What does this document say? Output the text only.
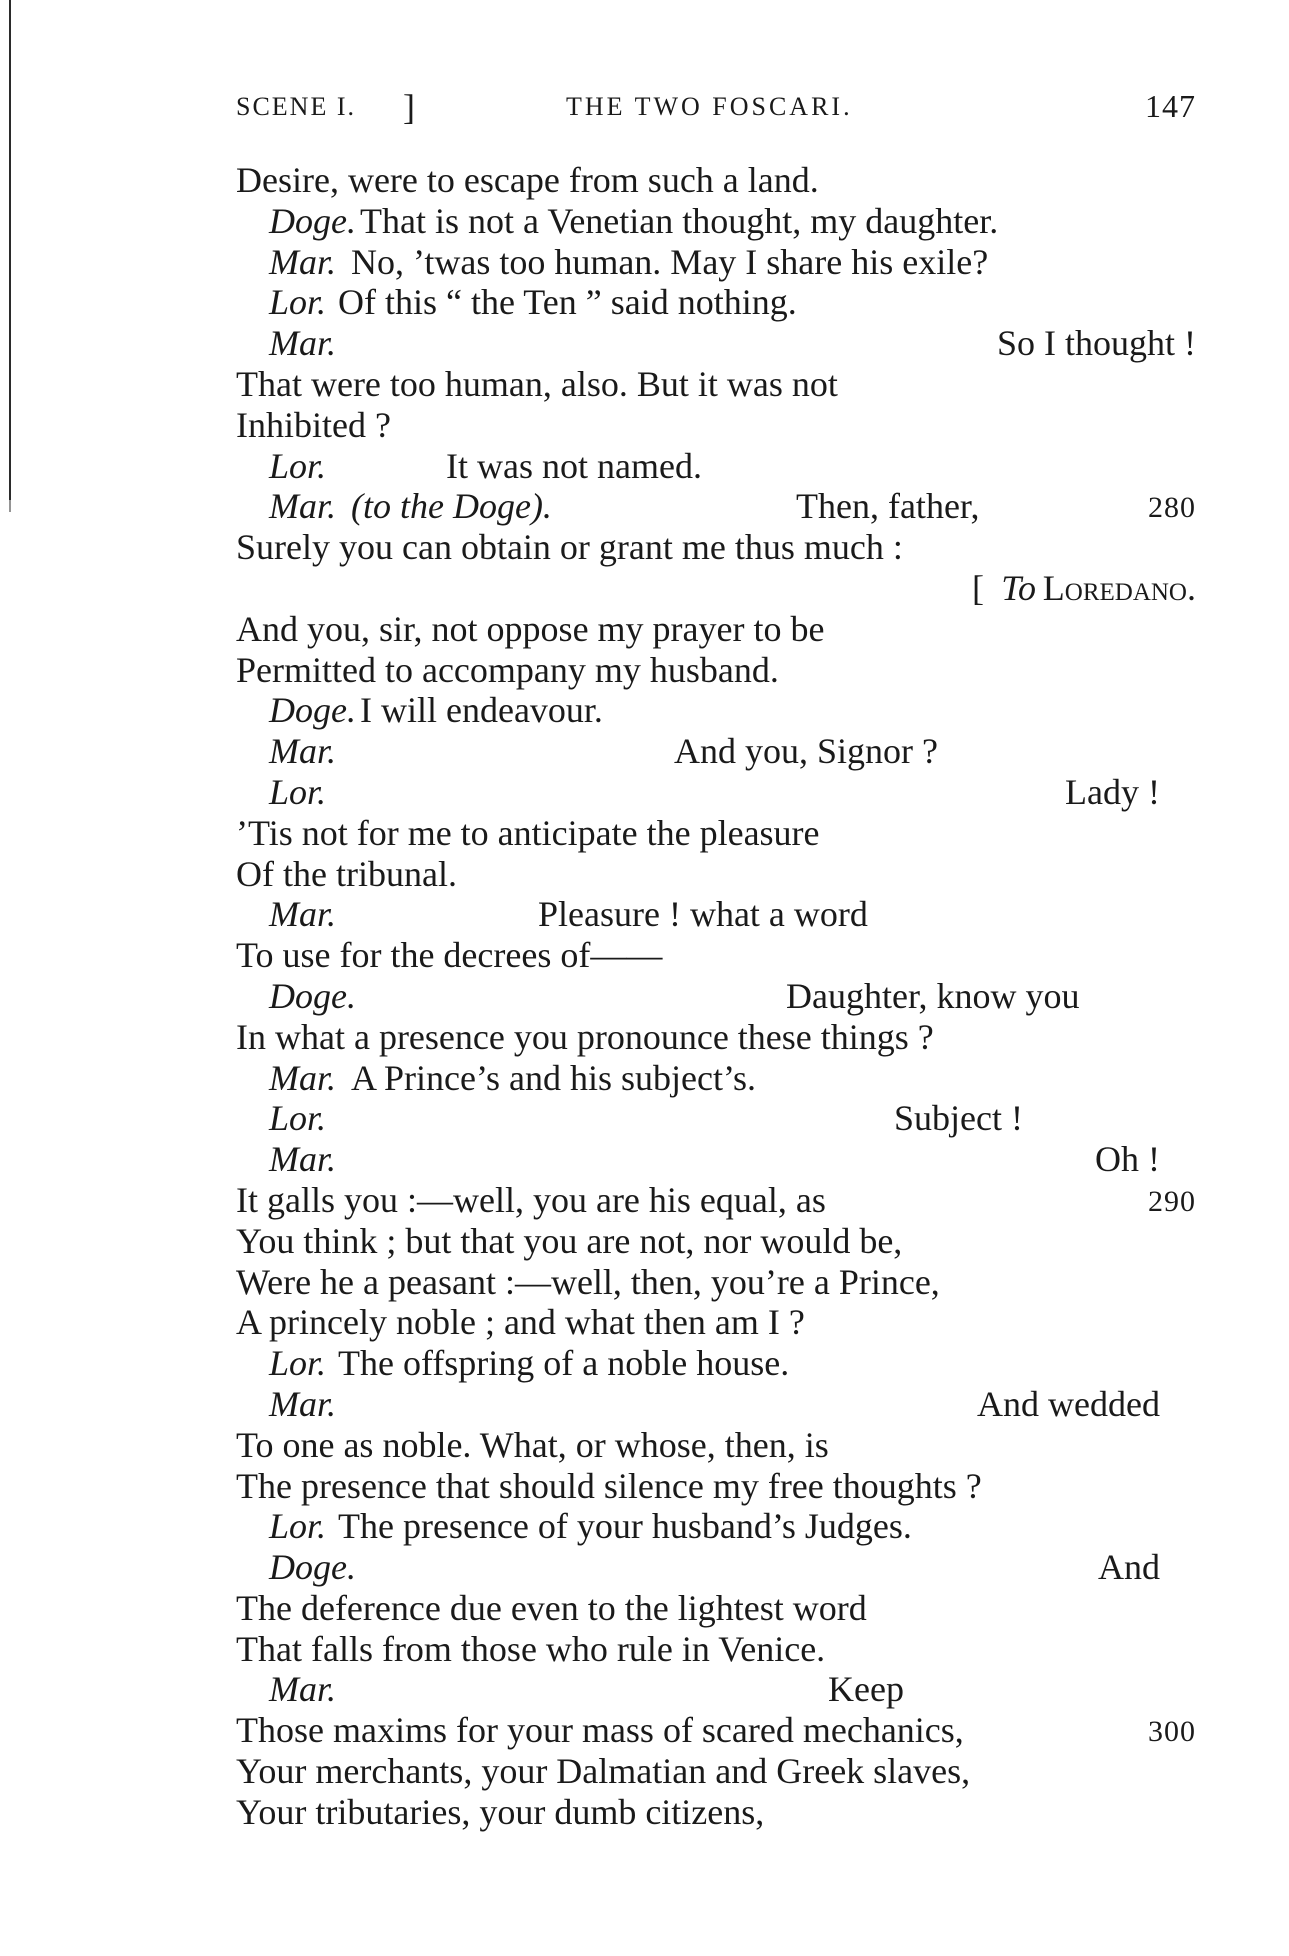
SCENE I. ]	THE TWO FOSCARI.	147
Desire, were to escape from such a land.
Doge. That is not a Venetian thought, my daughter.
Mar. No, ’twas too human. May I share his exile?
Lor. Of this “ the Ten ” said nothing.
Mar.	So I thought !
That were too human, also. But it was not
Inhibited ?
Lor.	It was not named.
Mar. (to the Doge).	Then, father,	280
Surely you can obtain or grant me thus much :
[ To Loredano.
And you, sir, not oppose my prayer to be
Permitted to accompany my husband.
Doge. I will endeavour.
Mar.	And you, Signor ?
Lor.	Lady !
’Tis not for me to anticipate the pleasure
Of the tribunal.
Mar.	Pleasure ! what a word
To use for the decrees of——
Doge.	Daughter, know you
In what a presence you pronounce these things ?
Mar. A Prince’s and his subject’s.
Lor.	Subject !
Mar.	Oh !
It galls you :—well, you are his equal, as	290
You think ; but that you are not, nor would be,
Were he a peasant :—well, then, you’re a Prince,
A princely noble ; and what then am I ?
Lor. The offspring of a noble house.
Mar.	And wedded
To one as noble. What, or whose, then, is
The presence that should silence my free thoughts ?
Lor. The presence of your husband’s Judges.
Doge.	And
The deference due even to the lightest word
That falls from those who rule in Venice.
Mar.	Keep
Those maxims for your mass of scared mechanics,	300
Your merchants, your Dalmatian and Greek slaves,
Your tributaries, your dumb citizens,
